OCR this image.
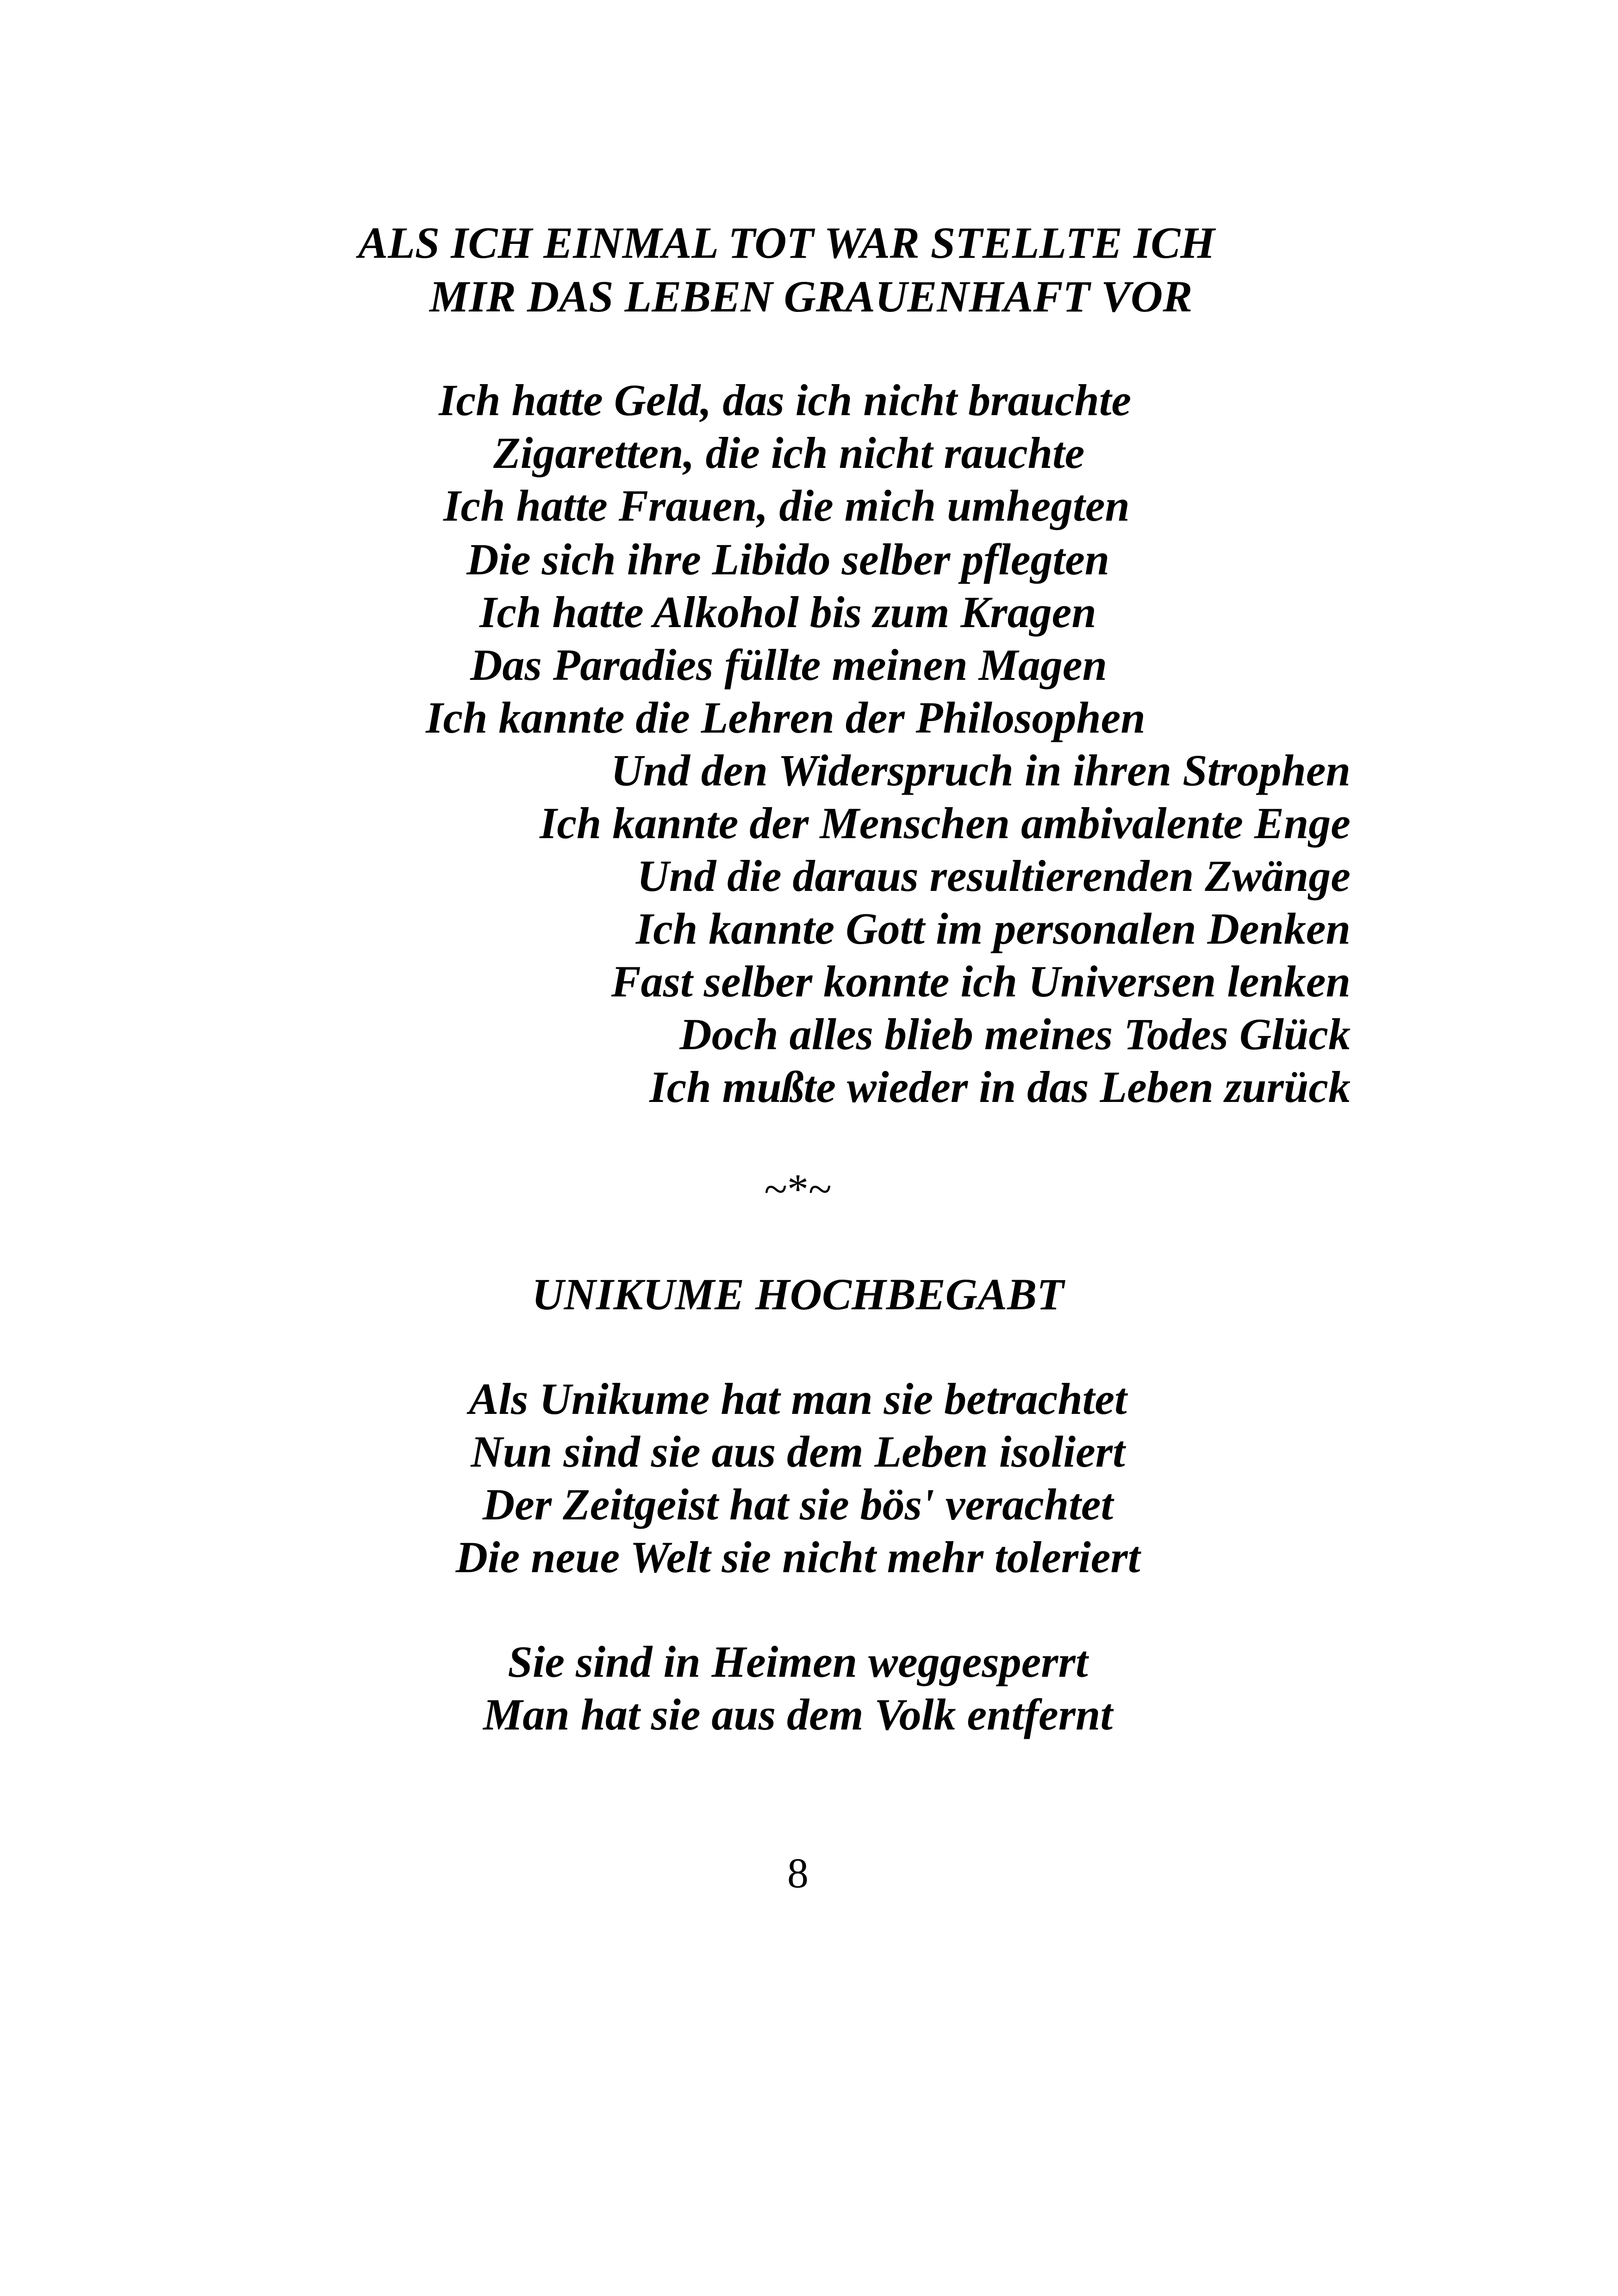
ALS ICH EINMAL TOT WAR STELLTE ICH
MIR DAS LEBEN GRAUENHAFT VOR
Ich hatte Geld, das ich nicht brauchte
Zigaretten, die ich nicht rauchte
Ich hatte Frauen, die mich umhegten
Die sich ihre Libido selber pflegten
Ich hatte Alkohol bis zum Kragen
Das Paradies füllte meinen Magen
Ich kannte die Lehren der Philosophen
Und den Widerspruch in ihren Strophen
Ich kannte der Menschen ambivalente Enge
Und die daraus resultierenden Zwänge
Ich kannte Gott im personalen Denken
Fast selber konnte ich Universen lenken
Doch alles blieb meines Todes Glück
Ich mußte wieder in das Leben zurück
~*~
UNIKUME HOCHBEGABT
Als Unikume hat man sie betrachtet
Nun sind sie aus dem Leben isoliert
Der Zeitgeist hat sie bös' verachtet
Die neue Welt sie nicht mehr toleriert
Sie sind in Heimen weggesperrt
Man hat sie aus dem Volk entfernt
8
